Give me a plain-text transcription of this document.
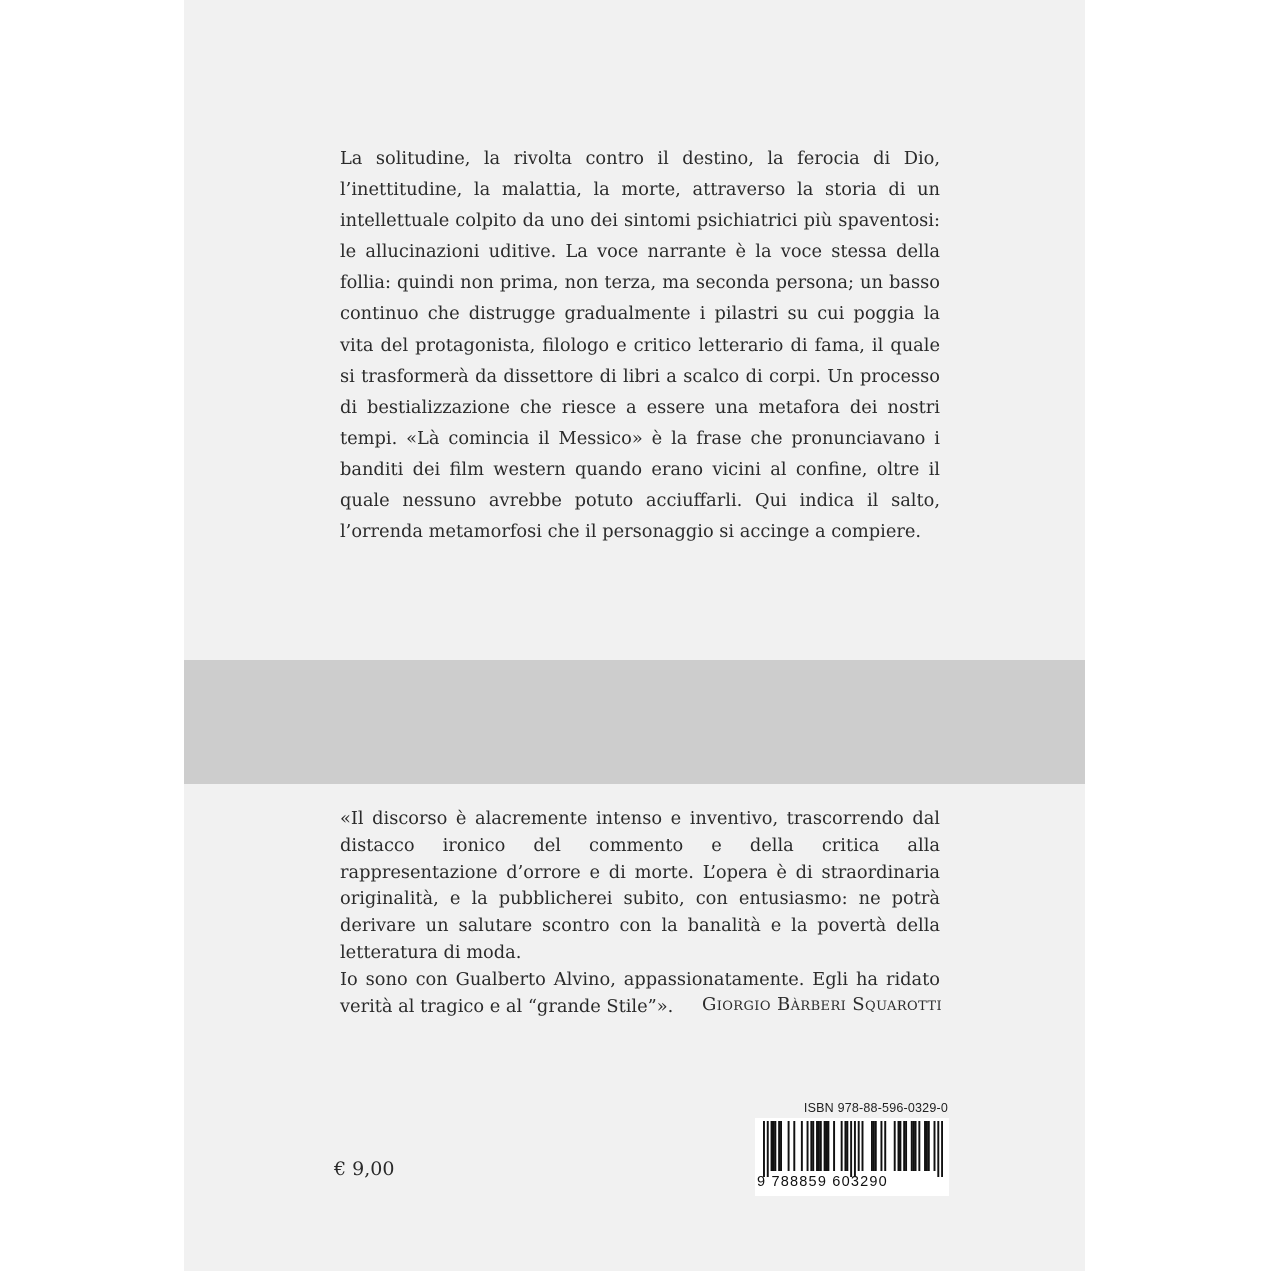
La solitudine, la rivolta contro il destino, la ferocia di Dio, l’inettitudine, la malattia, la morte, attraverso la storia di un intellettuale colpito da uno dei sintomi psichiatrici più spaventosi: le allucinazioni uditive. La voce narrante è la voce stessa della follia: quindi non prima, non terza, ma seconda persona; un basso continuo che distrugge gradualmente i pilastri su cui poggia la vita del protagonista, filologo e critico letterario di fama, il quale si trasformerà da dissettore di libri a scalco di corpi. Un processo di bestializzazione che riesce a essere una metafora dei nostri tempi. «Là comincia il Messico» è la frase che pronunciavano i banditi dei film western quando erano vicini al confine, oltre il quale nessuno avrebbe potuto acciuffarli. Qui indica il salto, l’orrenda metamorfosi che il personaggio si accinge a compiere.

«Il discorso è alacremente intenso e inventivo, trascorrendo dal distacco ironico del commento e della critica alla rappresentazione d’orrore e di morte. L’opera è di straordinaria originalità, e la pubblicherei subito, con entusiasmo: ne potrà derivare un salutare scontro con la banalità e la povertà della letteratura di moda.
Io sono con Gualberto Alvino, appassionatamente. Egli ha ridato verità al tragico e al “grande Stile”».	Giorgio Bàrberi Squarotti

€ 9,00

ISBN 978-88-596-0329-0

9 788859 603290
